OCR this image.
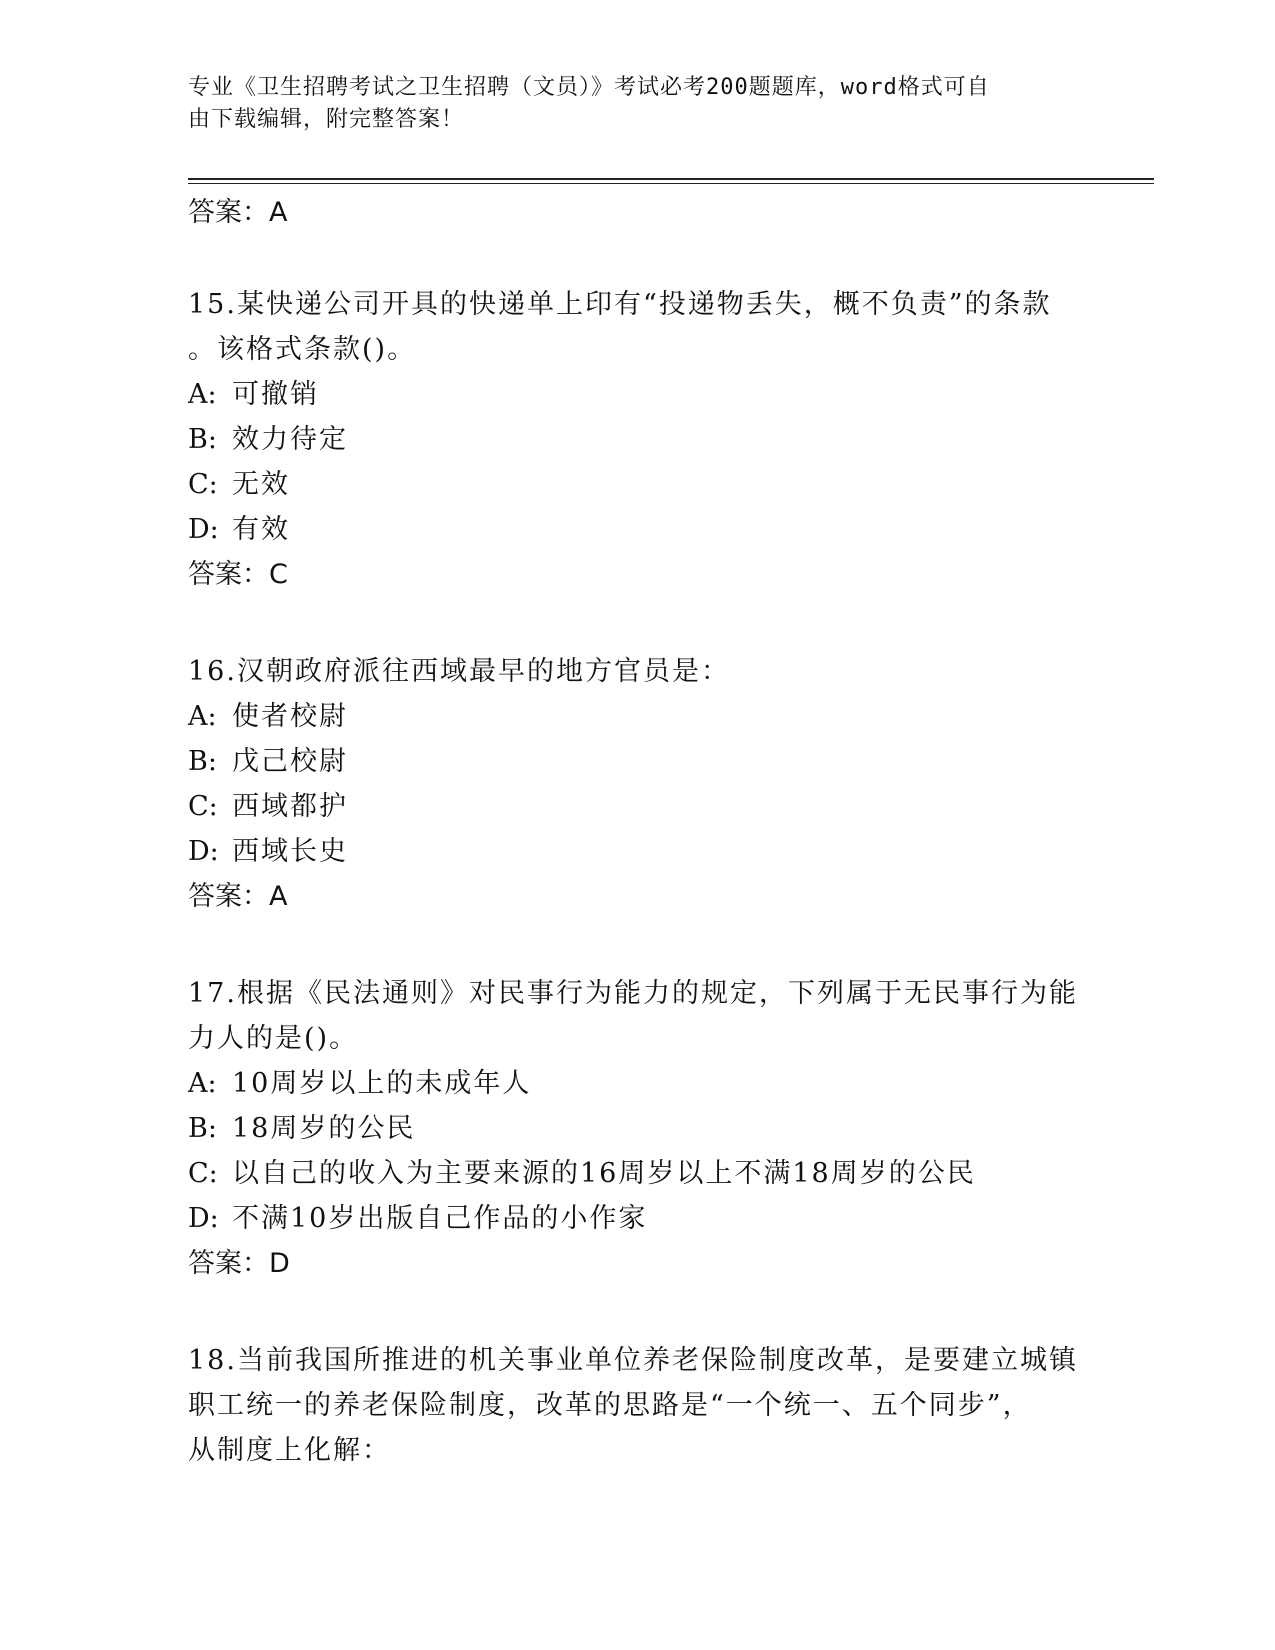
专业《卫生招聘考试之卫生招聘（文员）》考试必考200题题库，word格式可自
由下载编辑，附完整答案！
答案：A
15.某快递公司开具的快递单上印有“投递物丢失，概不负责”的条款
。该格式条款()。
A: 可撤销
B: 效力待定
C: 无效
D: 有效
答案：C
16.汉朝政府派往西域最早的地方官员是：
A: 使者校尉
B: 戊己校尉
C: 西域都护
D: 西域长史
答案：A
17.根据《民法通则》对民事行为能力的规定，下列属于无民事行为能
力人的是()。
A: 10周岁以上的未成年人
B: 18周岁的公民
C: 以自己的收入为主要来源的16周岁以上不满18周岁的公民
D: 不满10岁出版自己作品的小作家
答案：D
18.当前我国所推进的机关事业单位养老保险制度改革，是要建立城镇
职工统一的养老保险制度，改革的思路是“一个统一、五个同步”，
从制度上化解：
